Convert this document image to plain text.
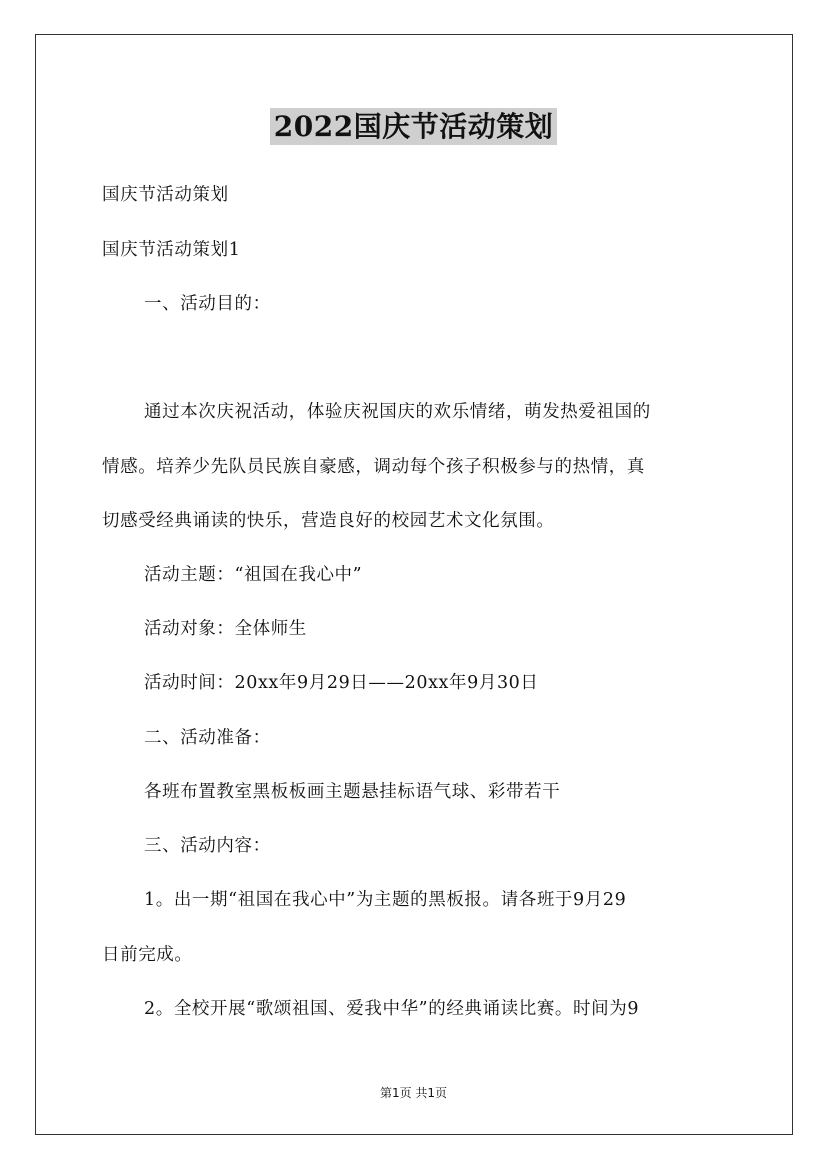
2022国庆节活动策划
国庆节活动策划
国庆节活动策划1
一、活动目的：
通过本次庆祝活动，体验庆祝国庆的欢乐情绪，萌发热爱祖国的
情感。培养少先队员民族自豪感，调动每个孩子积极参与的热情，真
切感受经典诵读的快乐，营造良好的校园艺术文化氛围。
活动主题：“祖国在我心中”
活动对象：全体师生
活动时间：20xx年9月29日——20xx年9月30日
二、活动准备：
各班布置教室黑板板画主题悬挂标语气球、彩带若干
三、活动内容：
1。出一期“祖国在我心中”为主题的黑板报。请各班于9月29
日前完成。
2。全校开展“歌颂祖国、爱我中华”的经典诵读比赛。时间为9
第1页 共1页
